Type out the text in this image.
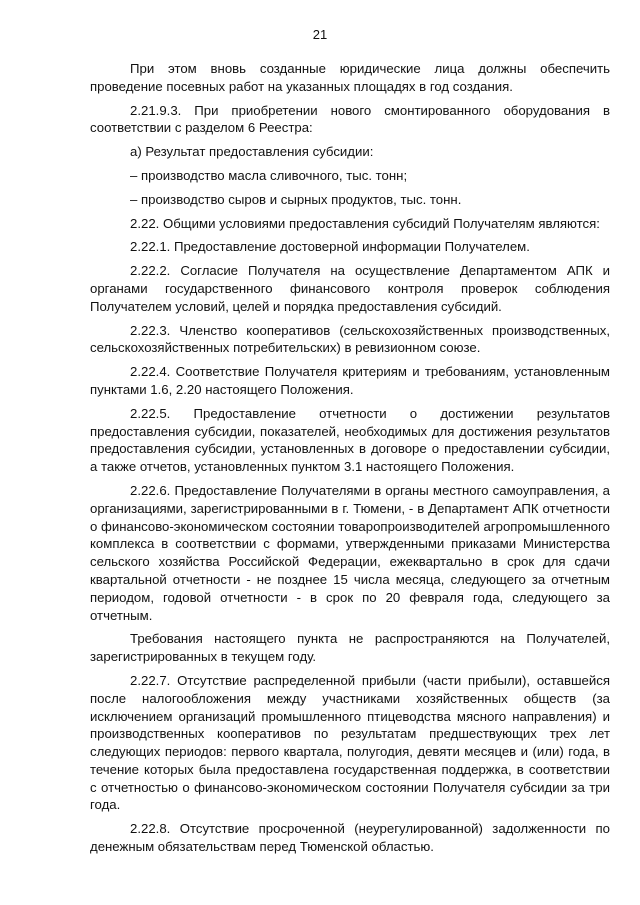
21

При этом вновь созданные юридические лица должны обеспечить проведение посевных работ на указанных площадях в год создания.

2.21.9.3. При приобретении нового смонтированного оборудования в соответствии с разделом 6 Реестра:

а) Результат предоставления субсидии:

– производство масла сливочного, тыс. тонн;

– производство сыров и сырных продуктов, тыс. тонн.

2.22. Общими условиями предоставления субсидий Получателям являются:

2.22.1. Предоставление достоверной информации Получателем.

2.22.2. Согласие Получателя на осуществление Департаментом АПК и органами государственного финансового контроля проверок соблюдения Получателем условий, целей и порядка предоставления субсидий.

2.22.3. Членство кооперативов (сельскохозяйственных производственных, сельскохозяйственных потребительских) в ревизионном союзе.

2.22.4. Соответствие Получателя критериям и требованиям, установленным пунктами 1.6, 2.20 настоящего Положения.

2.22.5. Предоставление отчетности о достижении результатов предоставления субсидии, показателей, необходимых для достижения результатов предоставления субсидии, установленных в договоре о предоставлении субсидии, а также отчетов, установленных пунктом 3.1 настоящего Положения.

2.22.6. Предоставление Получателями в органы местного самоуправления, а организациями, зарегистрированными в г. Тюмени, - в Департамент АПК отчетности о финансово-экономическом состоянии товаропроизводителей агропромышленного комплекса в соответствии с формами, утвержденными приказами Министерства сельского хозяйства Российской Федерации, ежеквартально в срок для сдачи квартальной отчетности - не позднее 15 числа месяца, следующего за отчетным периодом, годовой отчетности - в срок по 20 февраля года, следующего за отчетным.

Требования настоящего пункта не распространяются на Получателей, зарегистрированных в текущем году.

2.22.7. Отсутствие распределенной прибыли (части прибыли), оставшейся после налогообложения между участниками хозяйственных обществ (за исключением организаций промышленного птицеводства мясного направления) и производственных кооперативов по результатам предшествующих трех лет следующих периодов: первого квартала, полугодия, девяти месяцев и (или) года, в течение которых была предоставлена государственная поддержка, в соответствии с отчетностью о финансово-экономическом состоянии Получателя субсидии за три года.

2.22.8. Отсутствие просроченной (неурегулированной) задолженности по денежным обязательствам перед Тюменской областью.
